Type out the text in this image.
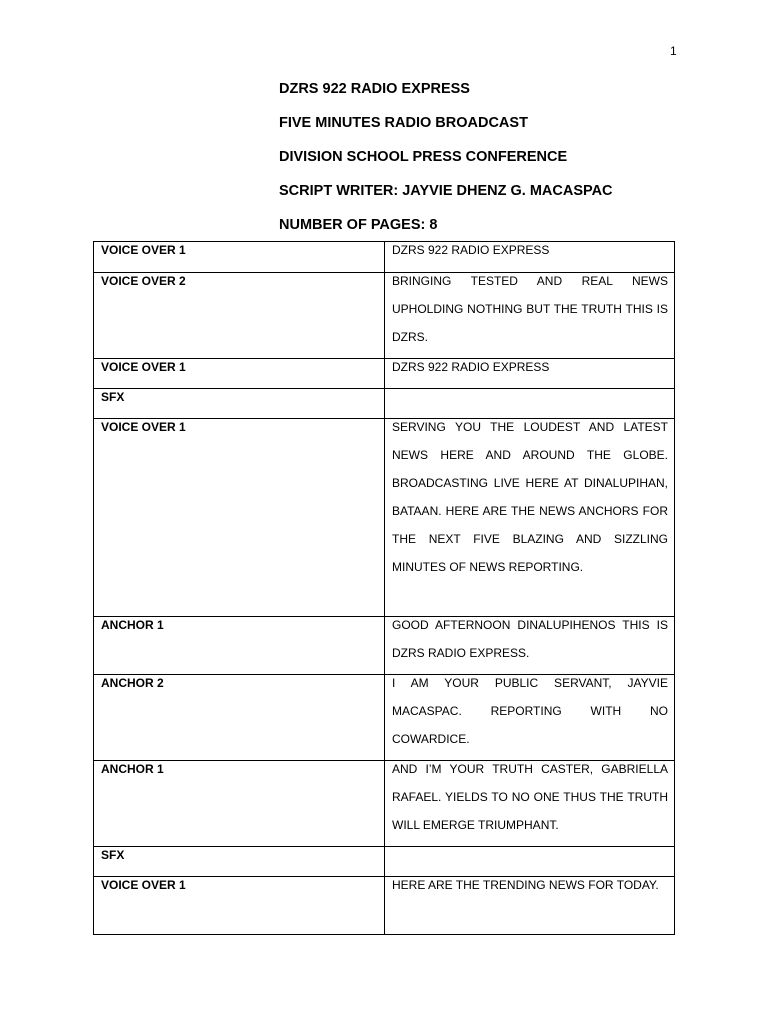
1
DZRS 922 RADIO EXPRESS
FIVE MINUTES RADIO BROADCAST
DIVISION SCHOOL PRESS CONFERENCE
SCRIPT WRITER: JAYVIE DHENZ G. MACASPAC
NUMBER OF PAGES: 8
VOICE OVER 1	DZRS 922 RADIO EXPRESS

VOICE OVER 2	BRINGING TESTED AND REAL NEWS UPHOLDING NOTHING BUT THE TRUTH THIS IS DZRS.

VOICE OVER 1	DZRS 922 RADIO EXPRESS

SFX	

VOICE OVER 1	SERVING YOU THE LOUDEST AND LATEST NEWS HERE AND AROUND THE GLOBE. BROADCASTING LIVE HERE AT DINALUPIHAN, BATAAN. HERE ARE THE NEWS ANCHORS FOR THE NEXT FIVE BLAZING AND SIZZLING MINUTES OF NEWS REPORTING.

ANCHOR 1	GOOD AFTERNOON DINALUPIHENOS THIS IS DZRS RADIO EXPRESS.

ANCHOR 2	I AM YOUR PUBLIC SERVANT, JAYVIE MACASPAC. REPORTING WITH NO COWARDICE.

ANCHOR 1	AND I’M YOUR TRUTH CASTER, GABRIELLA RAFAEL. YIELDS TO NO ONE THUS THE TRUTH WILL EMERGE TRIUMPHANT.

SFX	

VOICE OVER 1	HERE ARE THE TRENDING NEWS FOR TODAY.
